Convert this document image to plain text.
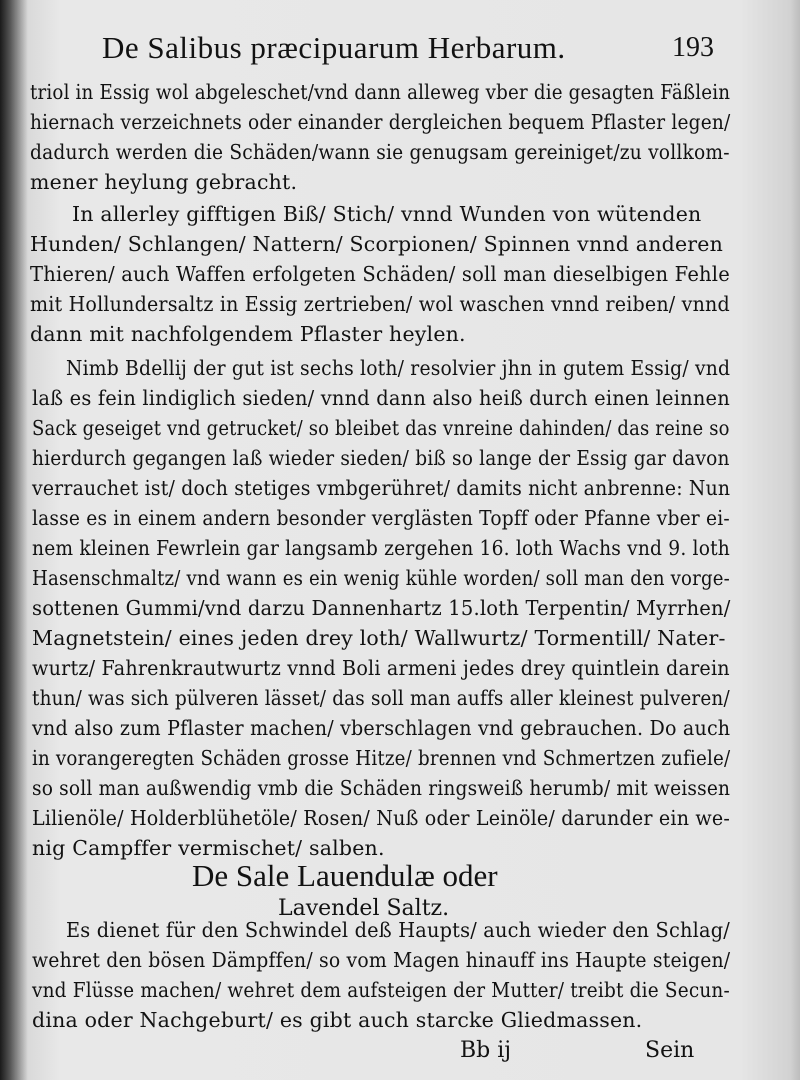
De Salibus præcipuarum Herbarum.	193
triol in Essig wol abgeleschet/vnd dann alleweg vber die gesagten Fäßlein
hiernach verzeichnets oder einander dergleichen bequem Pflaster legen/
dadurch werden die Schäden/wann sie genugsam gereiniget/zu vollkom-
mener heylung gebracht.
In allerley gifftigen Biß/ Stich/ vnnd Wunden von wütenden
Hunden/ Schlangen/ Nattern/ Scorpionen/ Spinnen vnnd anderen
Thieren/ auch Waffen erfolgeten Schäden/ soll man dieselbigen Fehle
mit Hollundersaltz in Essig zertrieben/ wol waschen vnnd reiben/ vnnd
dann mit nachfolgendem Pflaster heylen.
Nimb Bdellij der gut ist sechs loth/ resolvier jhn in gutem Essig/ vnd
laß es fein lindiglich sieden/ vnnd dann also heiß durch einen leinnen
Sack geseiget vnd getrucket/ so bleibet das vnreine dahinden/ das reine so
hierdurch gegangen laß wieder sieden/ biß so lange der Essig gar davon
verrauchet ist/ doch stetiges vmbgerühret/ damits nicht anbrenne: Nun
lasse es in einem andern besonder verglästen Topff oder Pfanne vber ei-
nem kleinen Fewrlein gar langsamb zergehen 16. loth Wachs vnd 9. loth
Hasenschmaltz/ vnd wann es ein wenig kühle worden/ soll man den vorge-
sottenen Gummi/vnd darzu Dannenhartz 15.loth Terpentin/ Myrrhen/
Magnetstein/ eines jeden drey loth/ Wallwurtz/ Tormentill/ Nater-
wurtz/ Fahrenkrautwurtz vnnd Boli armeni jedes drey quintlein darein
thun/ was sich pülveren lässet/ das soll man auffs aller kleinest pulveren/
vnd also zum Pflaster machen/ vberschlagen vnd gebrauchen. Do auch
in vorangeregten Schäden grosse Hitze/ brennen vnd Schmertzen zufiele/
so soll man außwendig vmb die Schäden ringsweiß herumb/ mit weissen
Lilienöle/ Holderblühetöle/ Rosen/ Nuß oder Leinöle/ darunder ein we-
nig Campffer vermischet/ salben.
De Sale Lauendulæ oder
Lavendel Saltz.
Es dienet für den Schwindel deß Haupts/ auch wieder den Schlag/
wehret den bösen Dämpffen/ so vom Magen hinauff ins Haupte steigen/
vnd Flüsse machen/ wehret dem aufsteigen der Mutter/ treibt die Secun-
dina oder Nachgeburt/ es gibt auch starcke Gliedmassen.
Bb ij	Sein
